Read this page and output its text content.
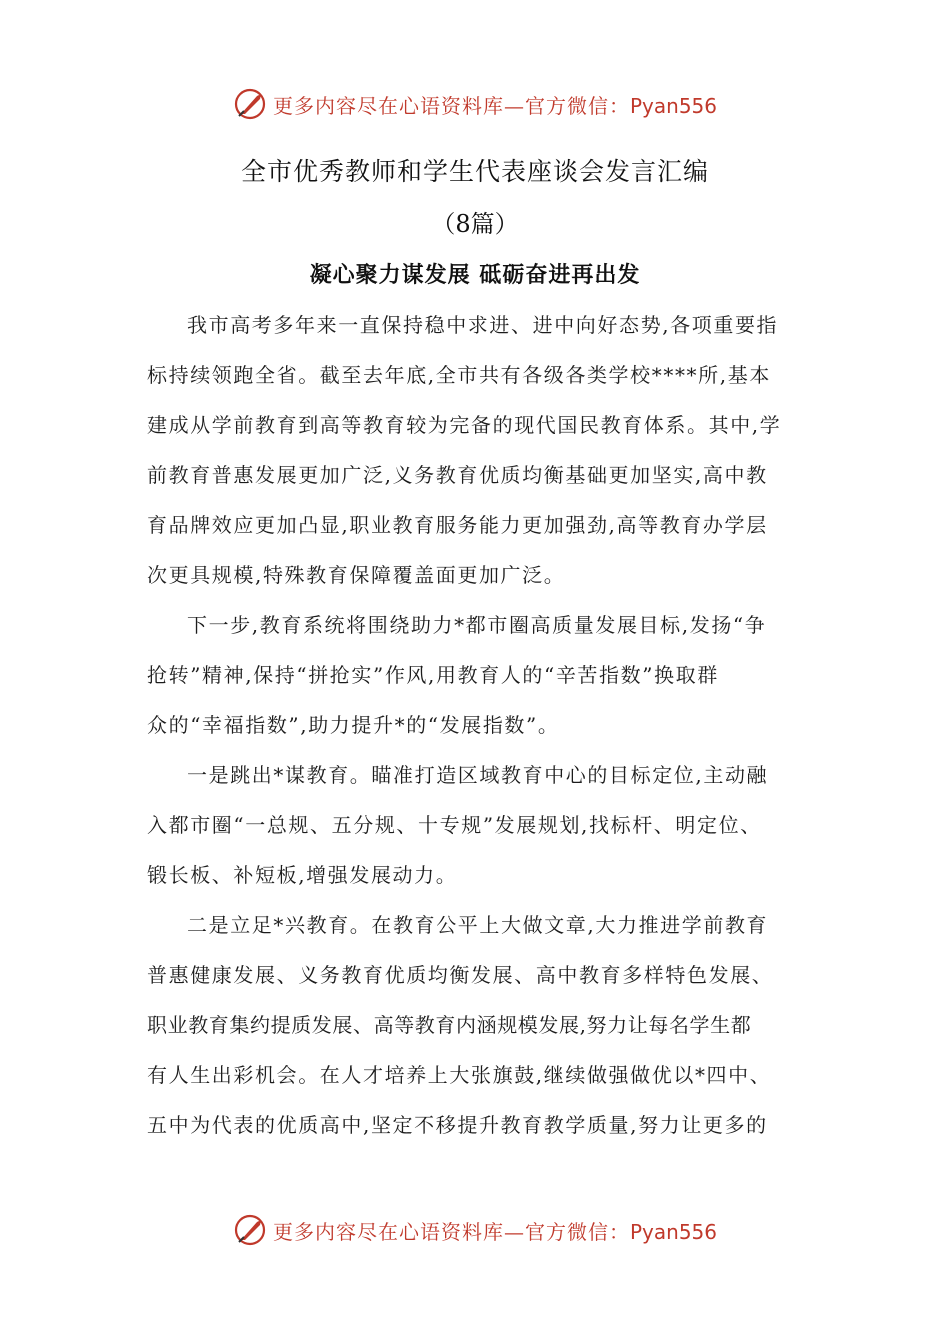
更多内容尽在心语资料库—官方微信：Pyan556
全市优秀教师和学生代表座谈会发言汇编
（8篇）
凝心聚力谋发展 砥砺奋进再出发
我市高考多年来一直保持稳中求进、进中向好态势,各项重要指
标持续领跑全省。截至去年底,全市共有各级各类学校****所,基本
建成从学前教育到高等教育较为完备的现代国民教育体系。其中,学
前教育普惠发展更加广泛,义务教育优质均衡基础更加坚实,高中教
育品牌效应更加凸显,职业教育服务能力更加强劲,高等教育办学层
次更具规模,特殊教育保障覆盖面更加广泛。
下一步,教育系统将围绕助力*都市圈高质量发展目标,发扬“争
抢转”精神,保持“拼抢实”作风,用教育人的“辛苦指数”换取群
众的“幸福指数”,助力提升*的“发展指数”。
一是跳出*谋教育。瞄准打造区域教育中心的目标定位,主动融
入都市圈“一总规、五分规、十专规”发展规划,找标杆、明定位、
锻长板、补短板,增强发展动力。
二是立足*兴教育。在教育公平上大做文章,大力推进学前教育
普惠健康发展、义务教育优质均衡发展、高中教育多样特色发展、
职业教育集约提质发展、高等教育内涵规模发展,努力让每名学生都
有人生出彩机会。在人才培养上大张旗鼓,继续做强做优以*四中、
五中为代表的优质高中,坚定不移提升教育教学质量,努力让更多的
更多内容尽在心语资料库—官方微信：Pyan556
